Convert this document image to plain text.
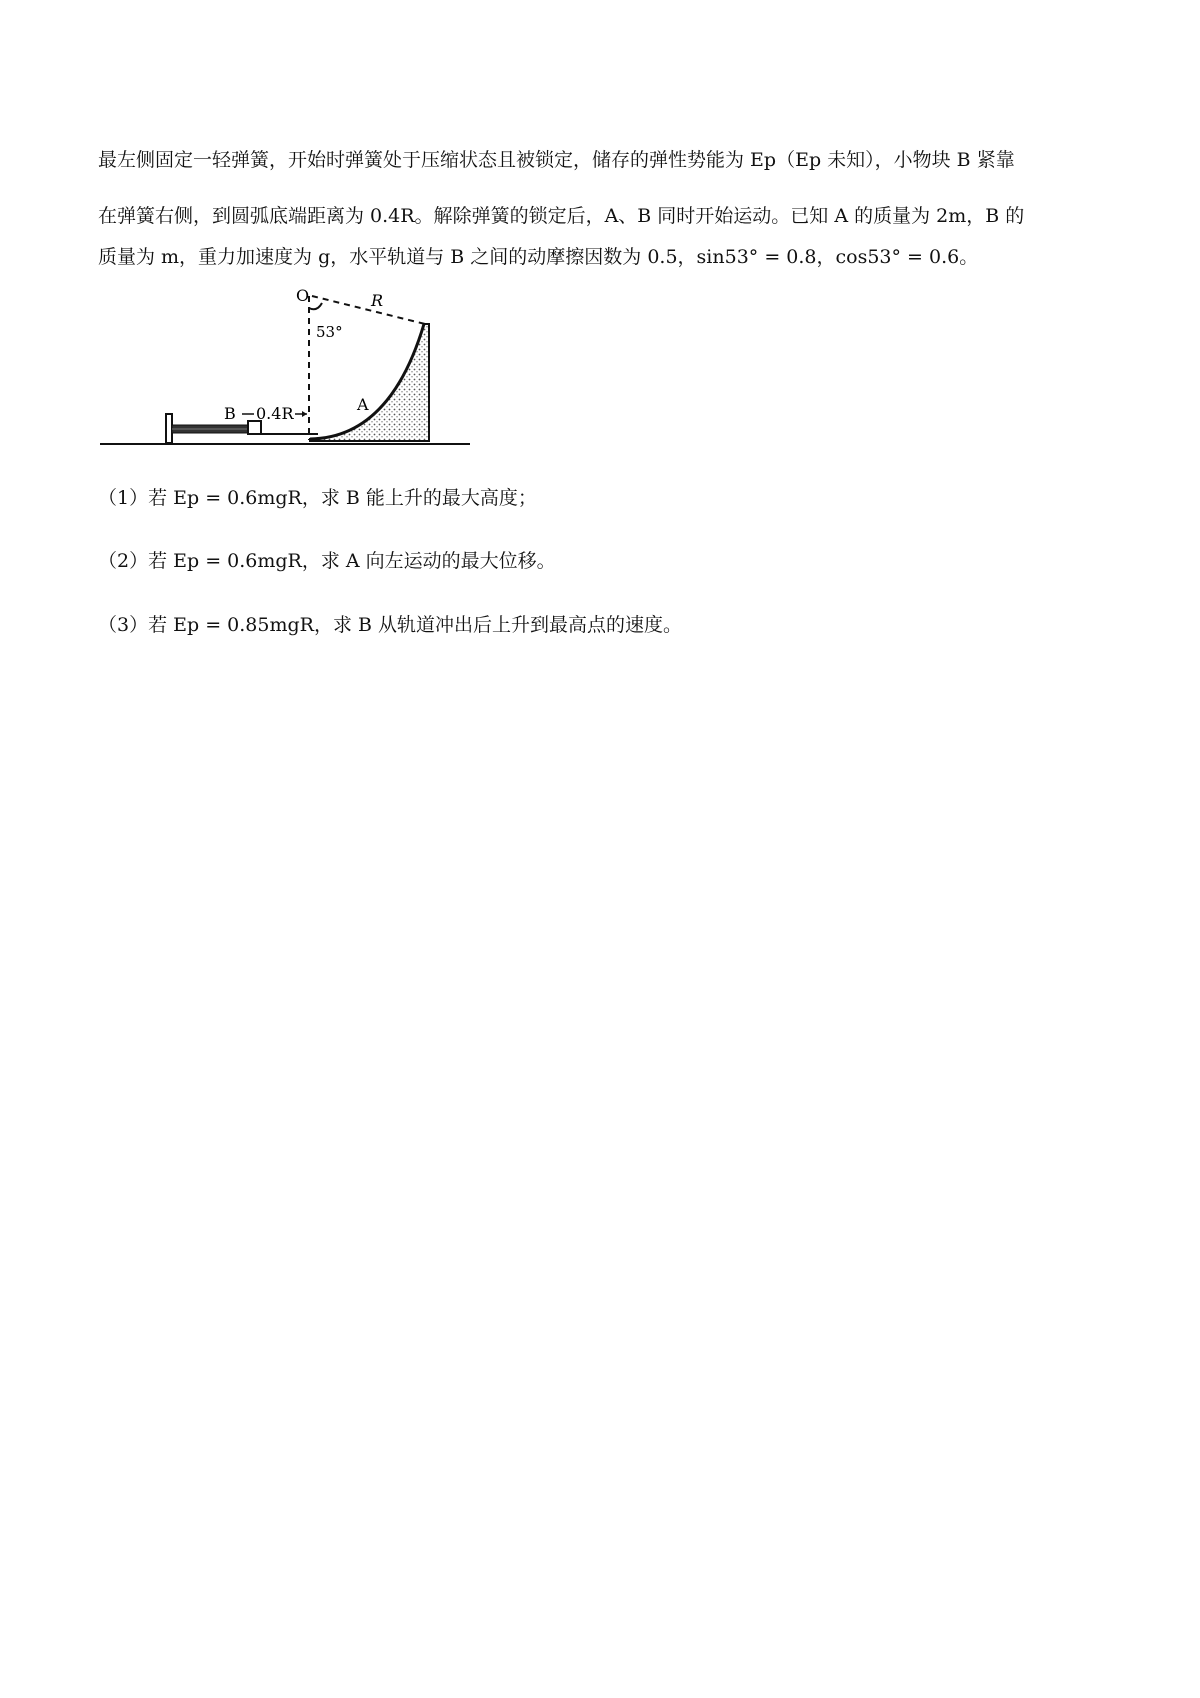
最左侧固定一轻弹簧，开始时弹簧处于压缩状态且被锁定，储存的弹性势能为 Ep（Ep 未知），小物块 B 紧靠
在弹簧右侧，到圆弧底端距离为 0.4R。解除弹簧的锁定后，A、B 同时开始运动。已知 A 的质量为 2m，B 的
质量为 m，重力加速度为 g，水平轨道与 B 之间的动摩擦因数为 0.5，sin53° = 0.8，cos53° = 0.6。
B 0.4R
O	R
53°
A
（1）若 Ep = 0.6mgR，求 B 能上升的最大高度；
（2）若 Ep = 0.6mgR，求 A 向左运动的最大位移。
（3）若 Ep = 0.85mgR，求 B 从轨道冲出后上升到最高点的速度。
